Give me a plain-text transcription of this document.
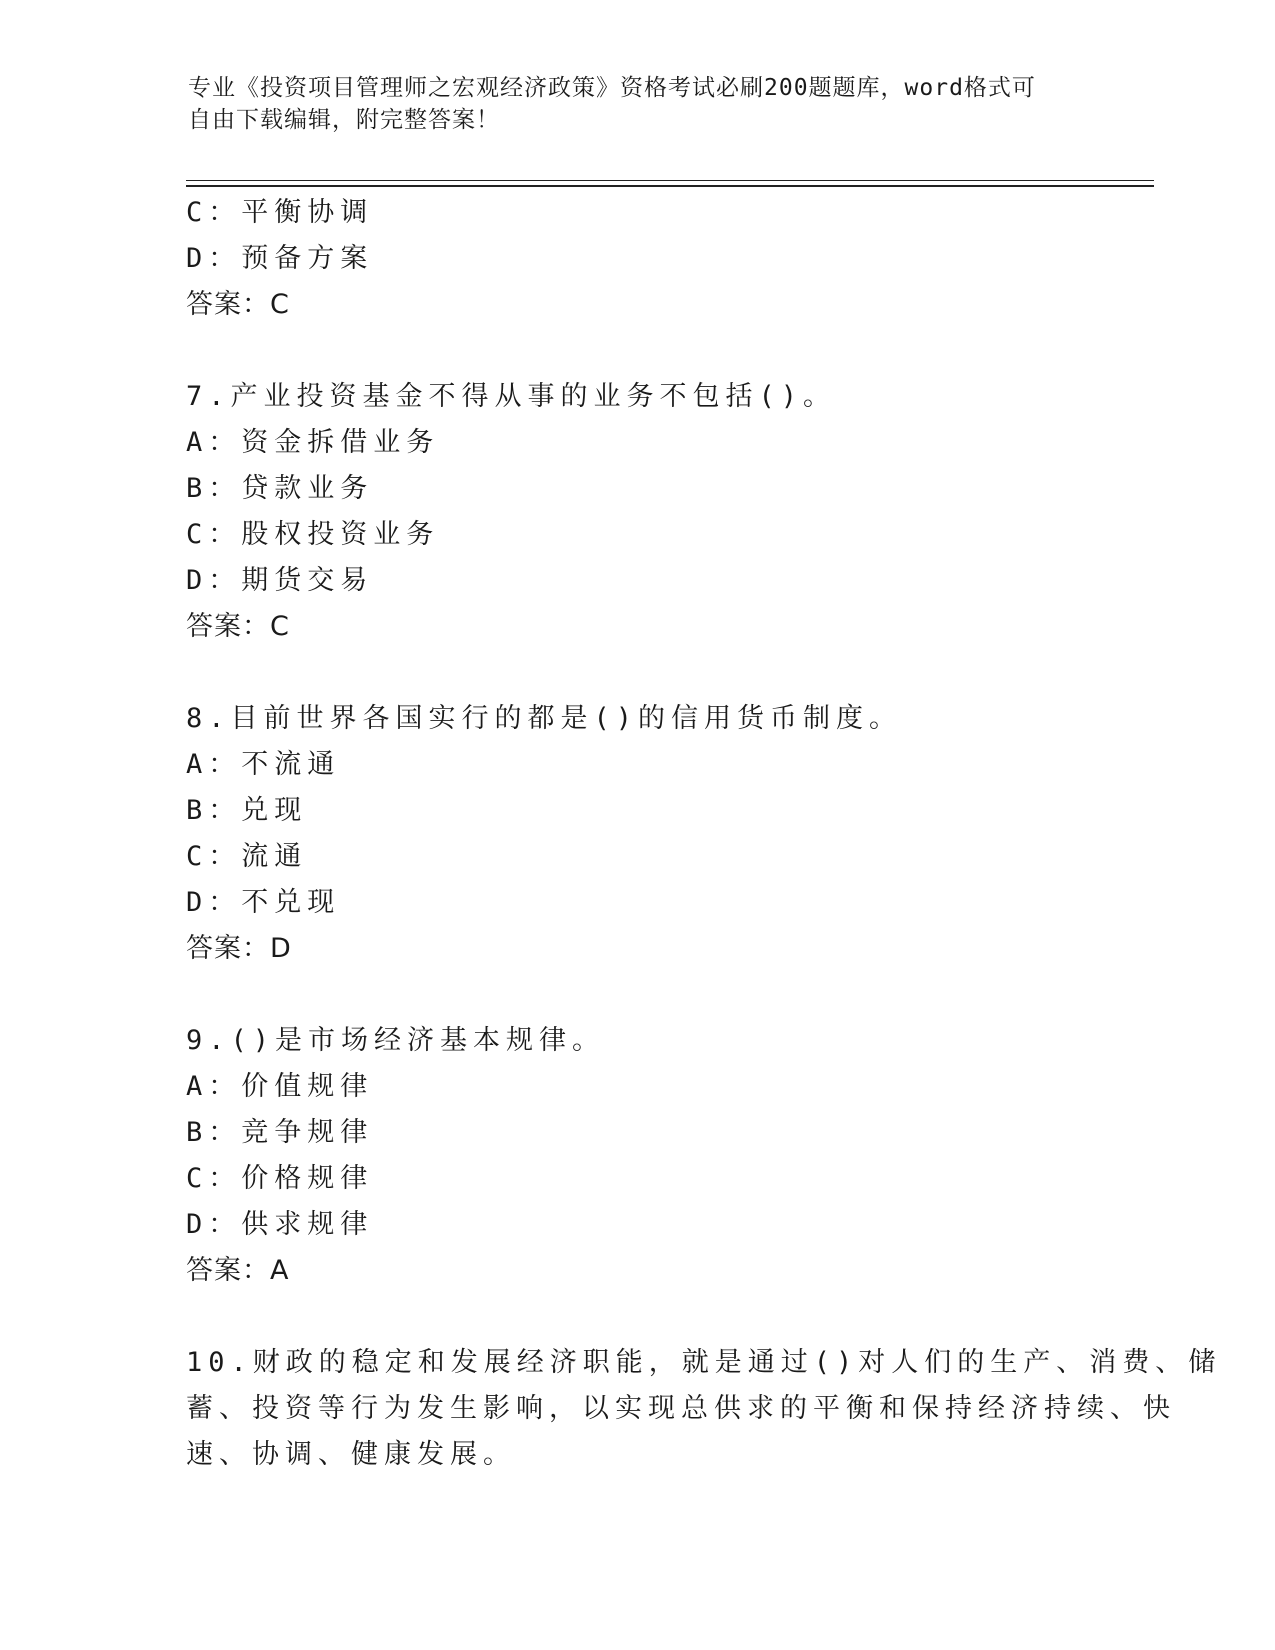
专业《投资项目管理师之宏观经济政策》资格考试必刷200题题库，word格式可
自由下载编辑，附完整答案！
C：平衡协调
D：预备方案
答案：C
7.产业投资基金不得从事的业务不包括()。
A：资金拆借业务
B：贷款业务
C：股权投资业务
D：期货交易
答案：C
8.目前世界各国实行的都是()的信用货币制度。
A：不流通
B：兑现
C：流通
D：不兑现
答案：D
9.()是市场经济基本规律。
A：价值规律
B：竞争规律
C：价格规律
D：供求规律
答案：A
10.财政的稳定和发展经济职能，就是通过()对人们的生产、消费、储
蓄、投资等行为发生影响，以实现总供求的平衡和保持经济持续、快
速、协调、健康发展。
